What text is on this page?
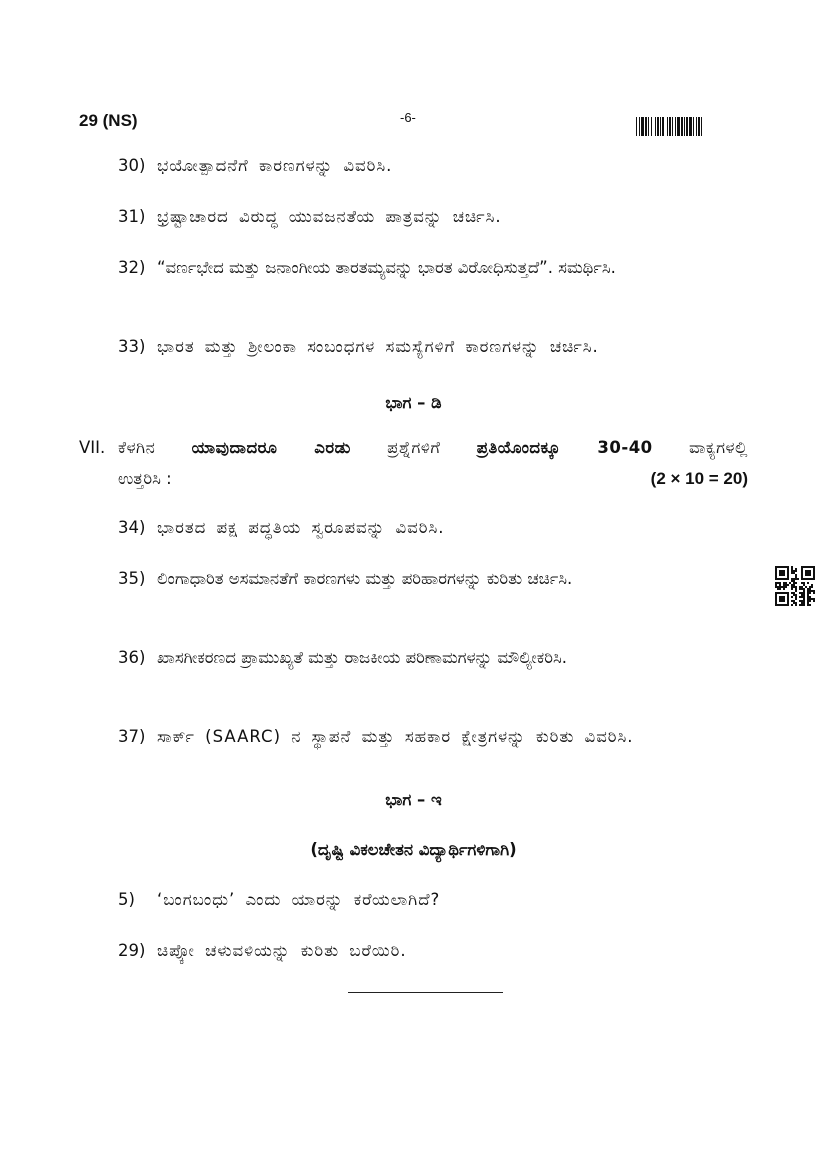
29 (NS)	-6-
30) ಭಯೋತ್ಪಾದನೆಗೆ ಕಾರಣಗಳನ್ನು ವಿವರಿಸಿ.
31) ಭ್ರಷ್ಟಾಚಾರದ ವಿರುದ್ಧ ಯುವಜನತೆಯ ಪಾತ್ರವನ್ನು ಚರ್ಚಿಸಿ.
32) “ವರ್ಣಭೇದ ಮತ್ತು ಜನಾಂಗೀಯ ತಾರತಮ್ಯವನ್ನು ಭಾರತ ವಿರೋಧಿಸುತ್ತದೆ”. ಸಮರ್ಥಿಸಿ.
33) ಭಾರತ ಮತ್ತು ಶ್ರೀಲಂಕಾ ಸಂಬಂಧಗಳ ಸಮಸ್ಯೆಗಳಿಗೆ ಕಾರಣಗಳನ್ನು ಚರ್ಚಿಸಿ.
ಭಾಗ – ಡಿ
VII. ಕೆಳಗಿನ ಯಾವುದಾದರೂ ಎರಡು ಪ್ರಶ್ನೆಗಳಿಗೆ ಪ್ರತಿಯೊಂದಕ್ಕೂ 30-40 ವಾಕ್ಯಗಳಲ್ಲಿ
ಉತ್ತರಿಸಿ :	(2 × 10 = 20)
34) ಭಾರತದ ಪಕ್ಷ ಪದ್ಧತಿಯ ಸ್ವರೂಪವನ್ನು ವಿವರಿಸಿ.
35) ಲಿಂಗಾಧಾರಿತ ಅಸಮಾನತೆಗೆ ಕಾರಣಗಳು ಮತ್ತು ಪರಿಹಾರಗಳನ್ನು ಕುರಿತು ಚರ್ಚಿಸಿ.
36) ಖಾಸಗೀಕರಣದ ಪ್ರಾಮುಖ್ಯತೆ ಮತ್ತು ರಾಜಕೀಯ ಪರಿಣಾಮಗಳನ್ನು ಮೌಲ್ಯೀಕರಿಸಿ.
37) ಸಾರ್ಕ್ (SAARC) ನ ಸ್ಥಾಪನೆ ಮತ್ತು ಸಹಕಾರ ಕ್ಷೇತ್ರಗಳನ್ನು ಕುರಿತು ವಿವರಿಸಿ.
ಭಾಗ – ಇ
(ದೃಷ್ಟಿ ವಿಕಲಚೇತನ ವಿದ್ಯಾರ್ಥಿಗಳಿಗಾಗಿ)
5)	‘ಬಂಗಬಂಧು’ ಎಂದು ಯಾರನ್ನು ಕರೆಯಲಾಗಿದೆ?
29) ಚಿಪ್ಕೋ ಚಳುವಳಿಯನ್ನು ಕುರಿತು ಬರೆಯಿರಿ.
